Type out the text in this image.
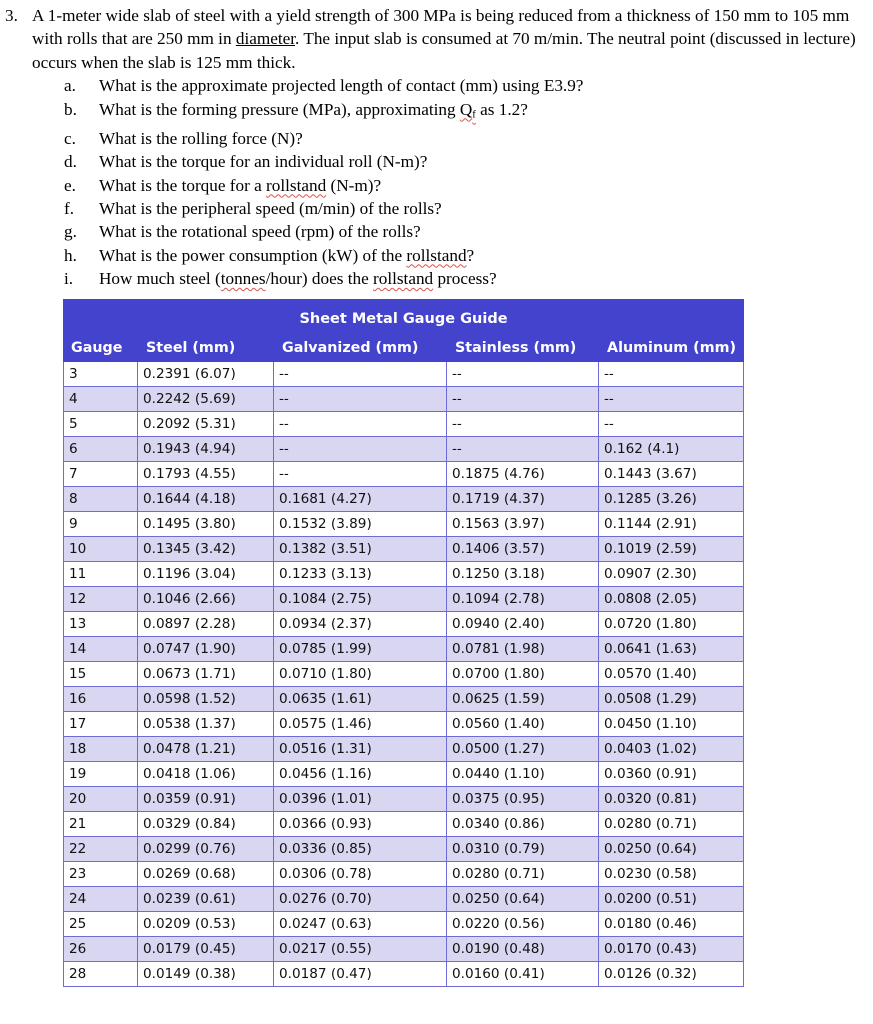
3. A 1-meter wide slab of steel with a yield strength of 300 MPa is being reduced from a thickness of 150 mm to 105 mm with rolls that are 250 mm in diameter. The input slab is consumed at 70 m/min. The neutral point (discussed in lecture) occurs when the slab is 125 mm thick.
a.	What is the approximate projected length of contact (mm) using E3.9?
b.	What is the forming pressure (MPa), approximating $Q_f$ as 1.2?
c.	What is the rolling force (N)?
d.	What is the torque for an individual roll (N-m)?
e.	What is the torque for a rollstand (N-m)?
f.	What is the peripheral speed (m/min) of the rolls?
g.	What is the rotational speed (rpm) of the rolls?
h.	What is the power consumption (kW) of the rollstand?
i.	How much steel (tonnes/hour) does the rollstand process?
Sheet Metal Gauge Guide				
Gauge	Steel (mm)	Galvanized (mm)	Stainless (mm)	Aluminum (mm)
3	0.2391 (6.07)	--	--	--
4	0.2242 (5.69)	--	--	--
5	0.2092 (5.31)	--	--	--
6	0.1943 (4.94)	--	--	0.162 (4.1)
7	0.1793 (4.55)	--	0.1875 (4.76)	0.1443 (3.67)
8	0.1644 (4.18)	0.1681 (4.27)	0.1719 (4.37)	0.1285 (3.26)
9	0.1495 (3.80)	0.1532 (3.89)	0.1563 (3.97)	0.1144 (2.91)
10	0.1345 (3.42)	0.1382 (3.51)	0.1406 (3.57)	0.1019 (2.59)
11	0.1196 (3.04)	0.1233 (3.13)	0.1250 (3.18)	0.0907 (2.30)
12	0.1046 (2.66)	0.1084 (2.75)	0.1094 (2.78)	0.0808 (2.05)
13	0.0897 (2.28)	0.0934 (2.37)	0.0940 (2.40)	0.0720 (1.80)
14	0.0747 (1.90)	0.0785 (1.99)	0.0781 (1.98)	0.0641 (1.63)
15	0.0673 (1.71)	0.0710 (1.80)	0.0700 (1.80)	0.0570 (1.40)
16	0.0598 (1.52)	0.0635 (1.61)	0.0625 (1.59)	0.0508 (1.29)
17	0.0538 (1.37)	0.0575 (1.46)	0.0560 (1.40)	0.0450 (1.10)
18	0.0478 (1.21)	0.0516 (1.31)	0.0500 (1.27)	0.0403 (1.02)
19	0.0418 (1.06)	0.0456 (1.16)	0.0440 (1.10)	0.0360 (0.91)
20	0.0359 (0.91)	0.0396 (1.01)	0.0375 (0.95)	0.0320 (0.81)
21	0.0329 (0.84)	0.0366 (0.93)	0.0340 (0.86)	0.0280 (0.71)
22	0.0299 (0.76)	0.0336 (0.85)	0.0310 (0.79)	0.0250 (0.64)
23	0.0269 (0.68)	0.0306 (0.78)	0.0280 (0.71)	0.0230 (0.58)
24	0.0239 (0.61)	0.0276 (0.70)	0.0250 (0.64)	0.0200 (0.51)
25	0.0209 (0.53)	0.0247 (0.63)	0.0220 (0.56)	0.0180 (0.46)
26	0.0179 (0.45)	0.0217 (0.55)	0.0190 (0.48)	0.0170 (0.43)
28	0.0149 (0.38)	0.0187 (0.47)	0.0160 (0.41)	0.0126 (0.32)
